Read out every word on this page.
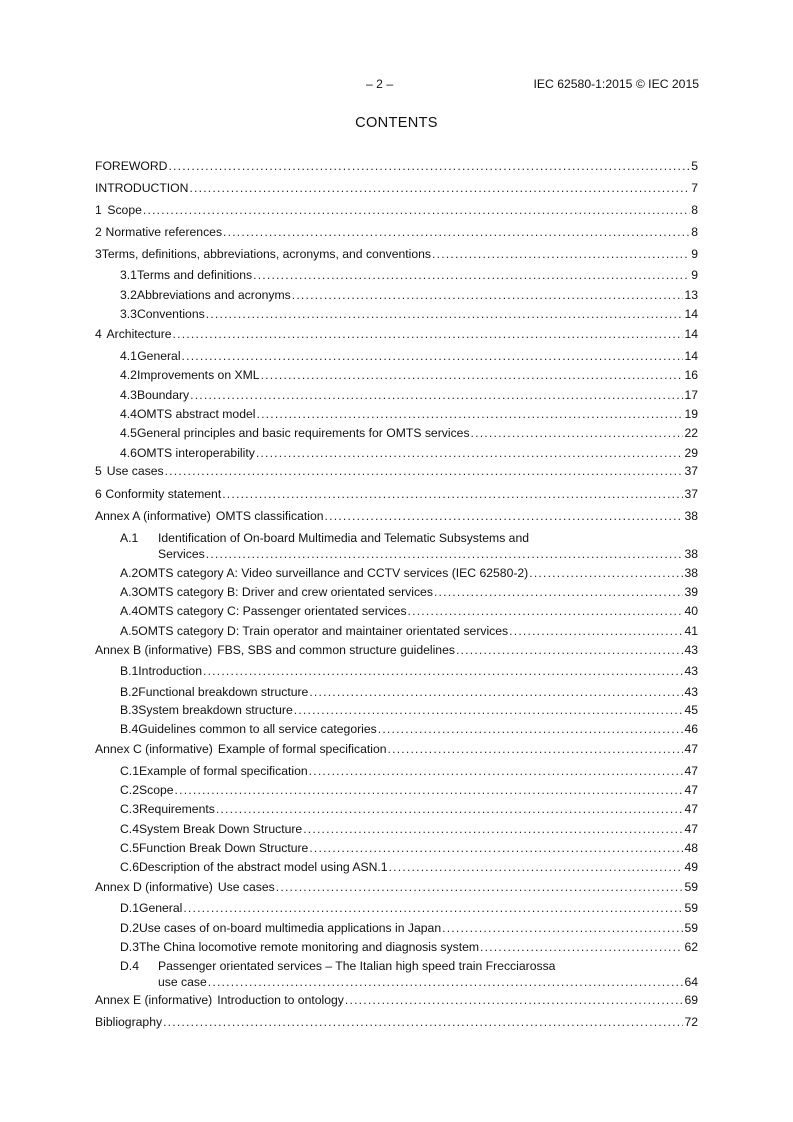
– 2 –	IEC 62580-1:2015 © IEC 2015
CONTENTS
FOREWORD .....	5
INTRODUCTION .....	7
1 Scope .....	8
2 Normative references .....	8
3 Terms, definitions, abbreviations, acronyms, and conventions .....	9
3.1 Terms and definitions .....	9
3.2 Abbreviations and acronyms .....	13
3.3 Conventions .....	14
4 Architecture .....	14
4.1 General .....	14
4.2 Improvements on XML .....	16
4.3 Boundary .....	17
4.4 OMTS abstract model .....	19
4.5 General principles and basic requirements for OMTS services .....	22
4.6 OMTS interoperability .....	29
5 Use cases .....	37
6 Conformity statement .....	37
Annex A (informative) OMTS classification .....	38
A.1 Identification of On-board Multimedia and Telematic Subsystems and
Services .....	38
A.2 OMTS category A: Video surveillance and CCTV services (IEC 62580-2) .....	38
A.3 OMTS category B: Driver and crew orientated services .....	39
A.4 OMTS category C: Passenger orientated services .....	40
A.5 OMTS category D: Train operator and maintainer orientated services .....	41
Annex B (informative) FBS, SBS and common structure guidelines .....	43
B.1 Introduction .....	43
B.2 Functional breakdown structure .....	43
B.3 System breakdown structure .....	45
B.4 Guidelines common to all service categories .....	46
Annex C (informative) Example of formal specification .....	47
C.1 Example of formal specification .....	47
C.2 Scope .....	47
C.3 Requirements .....	47
C.4 System Break Down Structure .....	47
C.5 Function Break Down Structure .....	48
C.6 Description of the abstract model using ASN.1 .....	49
Annex D (informative) Use cases .....	59
D.1 General .....	59
D.2 Use cases of on-board multimedia applications in Japan .....	59
D.3 The China locomotive remote monitoring and diagnosis system .....	62
D.4 Passenger orientated services – The Italian high speed train Frecciarossa
use case .....	64
Annex E (informative) Introduction to ontology .....	69
Bibliography .....	72
